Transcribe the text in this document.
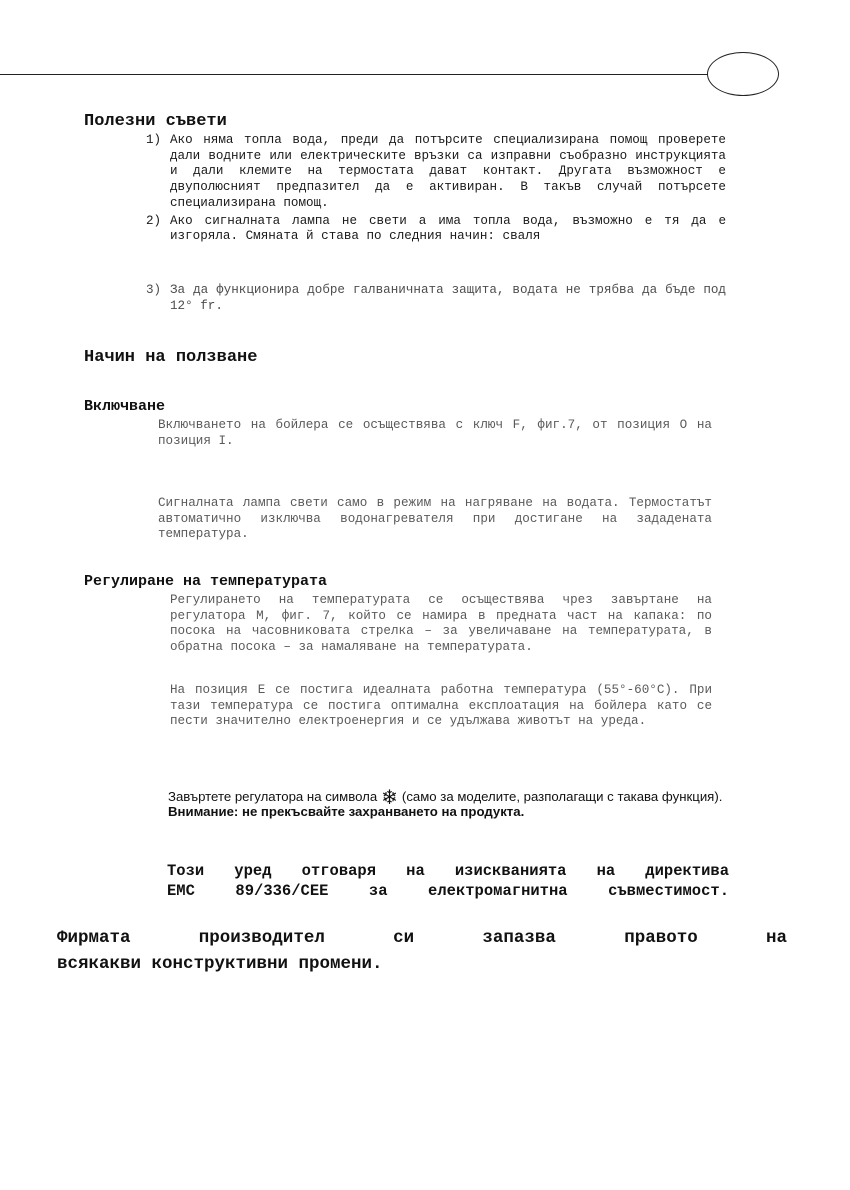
Полезни съвети
1) Ако няма топла вода, преди да потърсите специализирана помощ проверете дали водните или електрическите връзки са изправни съобразно инструкцията и дали клемите на термостата дават контакт. Другата възможност е двуполюсният предпазител да е активиран. В такъв случай потърсете специализирана помощ.
2) Ако сигналната лампа не свети а има топла вода, възможно е тя да е изгоряла. Смяната й става по следния начин: сваля
3) За да функционира добре галваничната защита, водата не трябва да бъде под 12° fr.
Начин на ползване
Включване

Включването на бойлера се осъществява с ключ F, фиг.7, от позиция O на позиция I.

Сигналната лампа свети само в режим на нагряване на водата. Термостатът автоматично изключва водонагревателя при достигане на зададената температура.

Регулиране на температурата

Регулирането на температурата се осъществява чрез завъртане на регулатора M, фиг. 7, който се намира в предната част на капака: по посока на часовниковата стрелка – за увеличаване на температурата, в обратна посока – за намаляване на температурата.

На позиция E се постига идеалната работна температура (55°-60°C). При тази температура се постига оптимална експлоатация на бойлера като се пести значително електроенергия и се удължава животът на уреда.

Завъртете регулатора на символа ❄ (само за моделите, разполагащи с такава функция).
Внимание: не прекъсвайте захранването на продукта.

Този уред отговаря на изискванията на директива
EMC 89/336/CEE за електромагнитна съвместимост.

Фирмата производител си запазва правото на
всякакви конструктивни промени.
